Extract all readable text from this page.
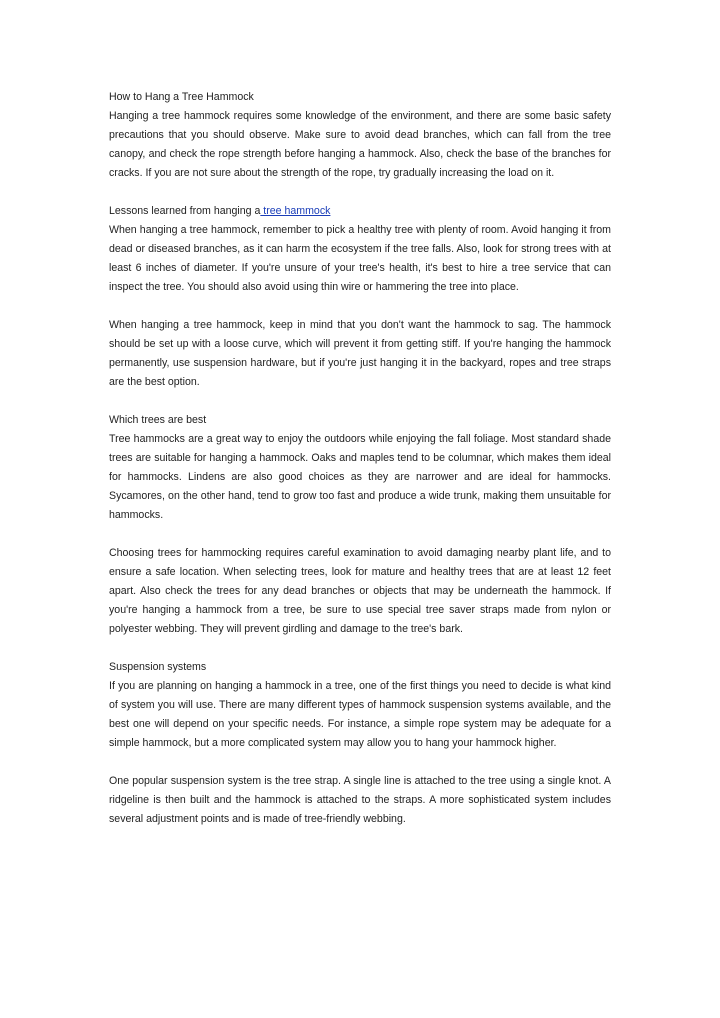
How to Hang a Tree Hammock

Hanging a tree hammock requires some knowledge of the environment, and there are some basic safety precautions that you should observe. Make sure to avoid dead branches, which can fall from the tree canopy, and check the rope strength before hanging a hammock. Also, check the base of the branches for cracks. If you are not sure about the strength of the rope, try gradually increasing the load on it.

Lessons learned from hanging a tree hammock

When hanging a tree hammock, remember to pick a healthy tree with plenty of room. Avoid hanging it from dead or diseased branches, as it can harm the ecosystem if the tree falls. Also, look for strong trees with at least 6 inches of diameter. If you're unsure of your tree's health, it's best to hire a tree service that can inspect the tree. You should also avoid using thin wire or hammering the tree into place.

When hanging a tree hammock, keep in mind that you don't want the hammock to sag. The hammock should be set up with a loose curve, which will prevent it from getting stiff. If you're hanging the hammock permanently, use suspension hardware, but if you're just hanging it in the backyard, ropes and tree straps are the best option.

Which trees are best

Tree hammocks are a great way to enjoy the outdoors while enjoying the fall foliage. Most standard shade trees are suitable for hanging a hammock. Oaks and maples tend to be columnar, which makes them ideal for hammocks. Lindens are also good choices as they are narrower and are ideal for hammocks. Sycamores, on the other hand, tend to grow too fast and produce a wide trunk, making them unsuitable for hammocks.

Choosing trees for hammocking requires careful examination to avoid damaging nearby plant life, and to ensure a safe location. When selecting trees, look for mature and healthy trees that are at least 12 feet apart. Also check the trees for any dead branches or objects that may be underneath the hammock. If you're hanging a hammock from a tree, be sure to use special tree saver straps made from nylon or polyester webbing. They will prevent girdling and damage to the tree's bark.

Suspension systems

If you are planning on hanging a hammock in a tree, one of the first things you need to decide is what kind of system you will use. There are many different types of hammock suspension systems available, and the best one will depend on your specific needs. For instance, a simple rope system may be adequate for a simple hammock, but a more complicated system may allow you to hang your hammock higher.

One popular suspension system is the tree strap. A single line is attached to the tree using a single knot. A ridgeline is then built and the hammock is attached to the straps. A more sophisticated system includes several adjustment points and is made of tree-friendly webbing.
